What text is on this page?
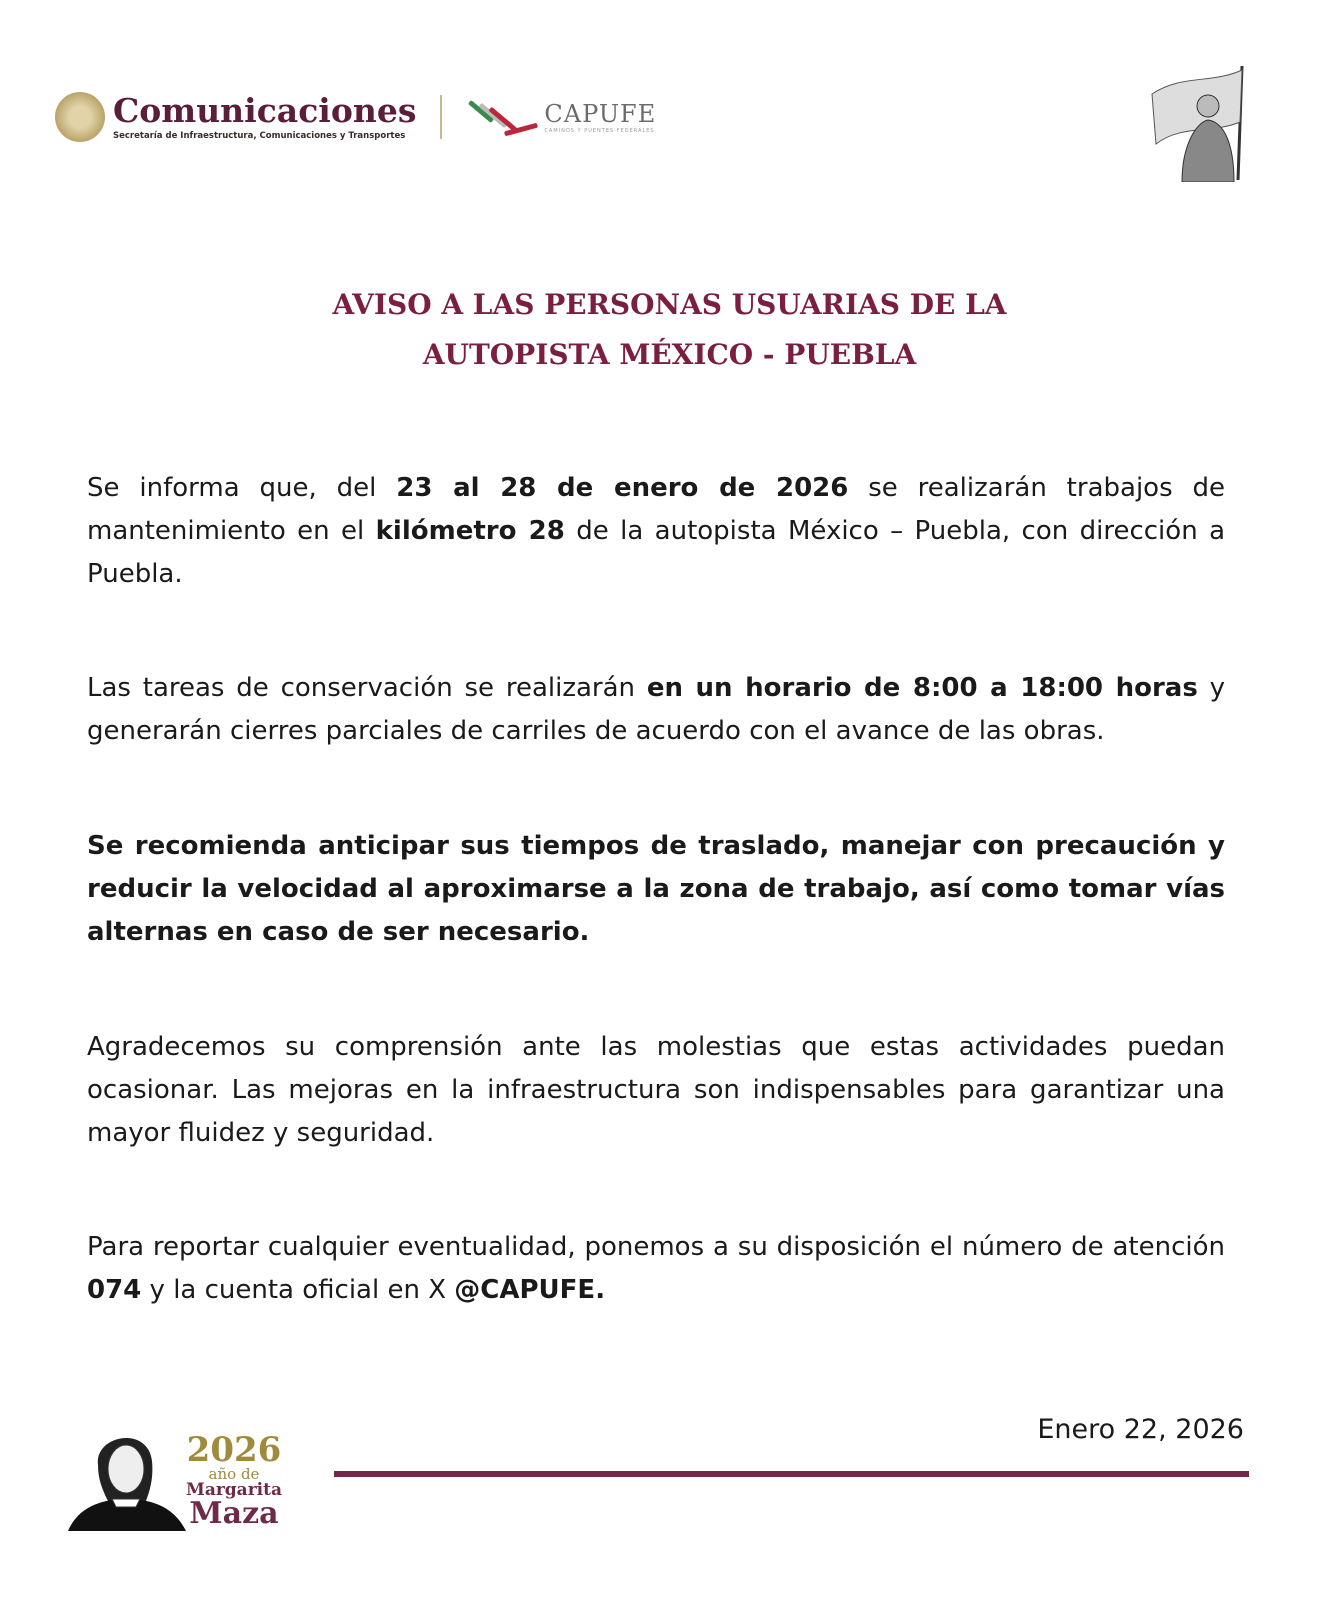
Comunicaciones
Secretaría de Infraestructura, Comunicaciones y Transportes
CAPUFE
CAMINOS Y PUENTES FEDERALES
AVISO A LAS PERSONAS USUARIAS DE LA
AUTOPISTA MÉXICO - PUEBLA

Se informa que, del 23 al 28 de enero de 2026 se realizarán trabajos de mantenimiento en el kilómetro 28 de la autopista México – Puebla, con dirección a Puebla.

Las tareas de conservación se realizarán en un horario de 8:00 a 18:00 horas y generarán cierres parciales de carriles de acuerdo con el avance de las obras.

Se recomienda anticipar sus tiempos de traslado, manejar con precaución y reducir la velocidad al aproximarse a la zona de trabajo, así como tomar vías alternas en caso de ser necesario.

Agradecemos su comprensión ante las molestias que estas actividades puedan ocasionar. Las mejoras en la infraestructura son indispensables para garantizar una mayor fluidez y seguridad.

Para reportar cualquier eventualidad, ponemos a su disposición el número de atención 074 y la cuenta oficial en X @CAPUFE.

2026
año de
Margarita
Maza
Enero 22, 2026
